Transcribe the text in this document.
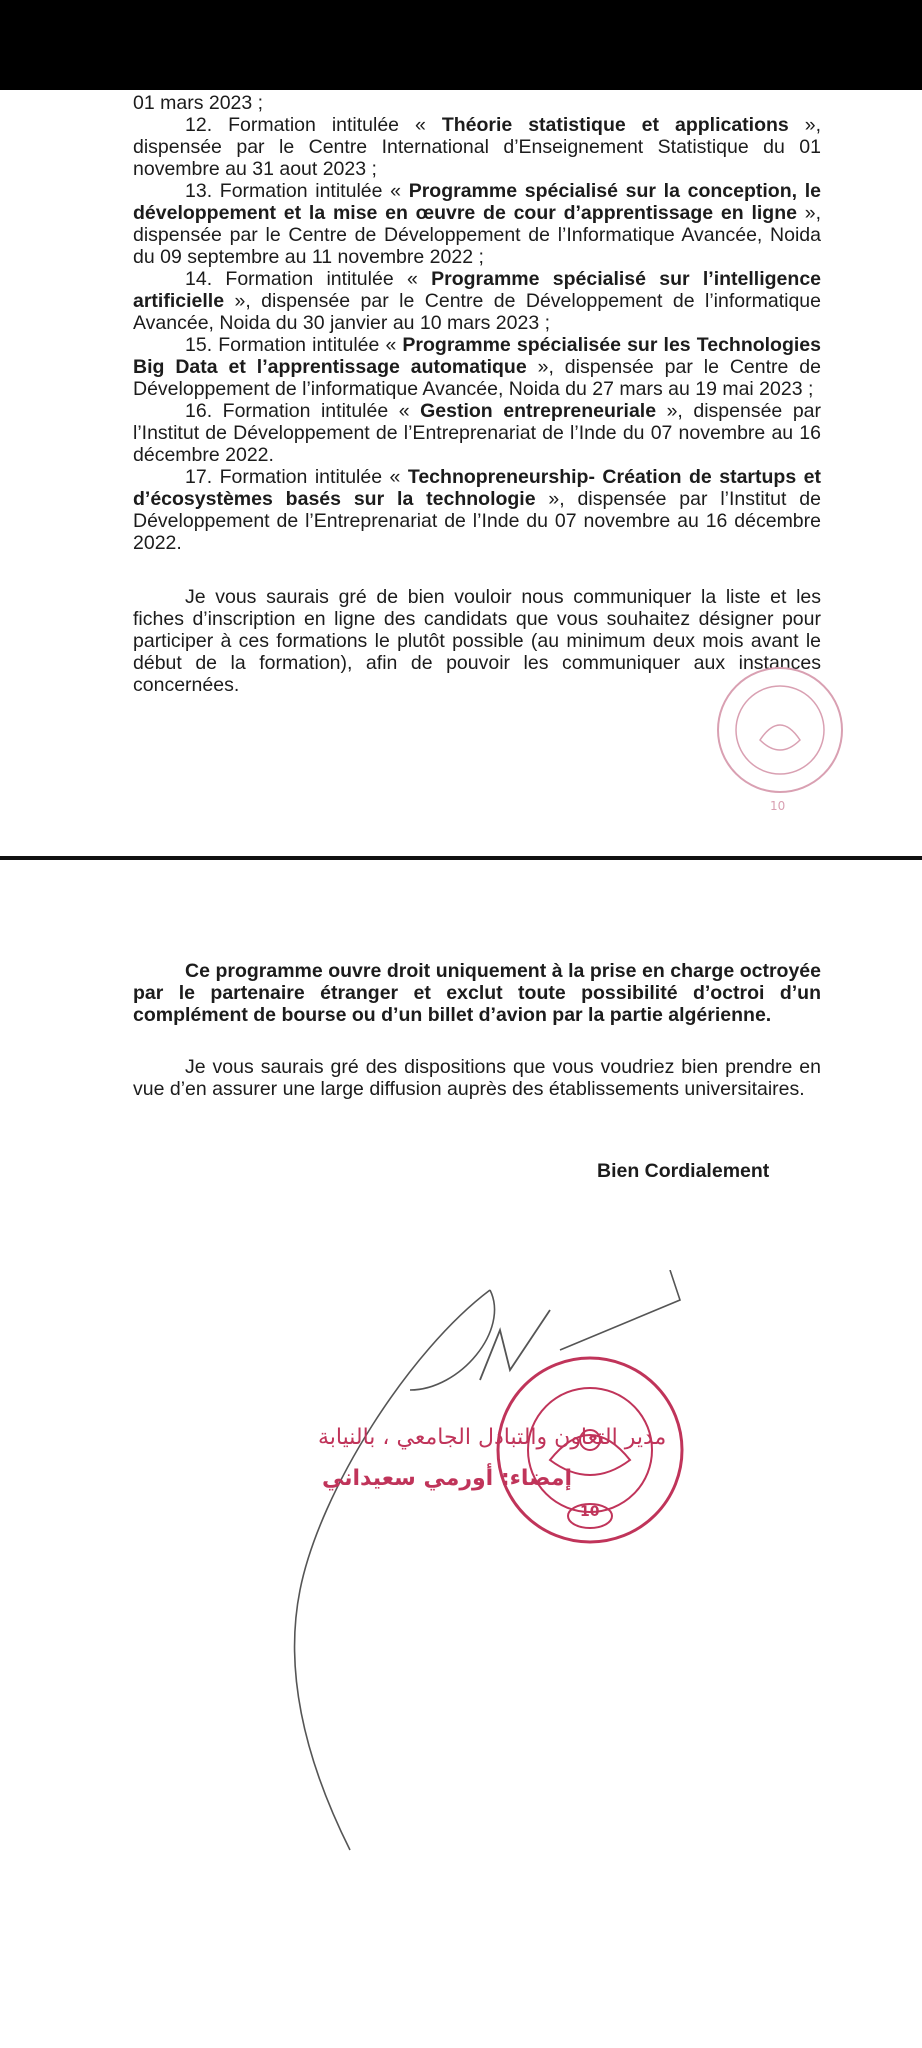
01 mars 2023 ;

12. Formation intitulée « Théorie statistique et applications », dispensée par le Centre International d’Enseignement Statistique du 01 novembre au 31 aout 2023 ;

13. Formation intitulée « Programme spécialisé sur la conception, le développement et la mise en œuvre de cour d’apprentissage en ligne », dispensée par le Centre de Développement de l’Informatique Avancée, Noida du 09 septembre au 11 novembre 2022 ;

14. Formation intitulée « Programme spécialisé sur l’intelligence artificielle », dispensée par le Centre de Développement de l’informatique Avancée, Noida du 30 janvier au 10 mars 2023 ;

15. Formation intitulée « Programme spécialisée sur les Technologies Big Data et l’apprentissage automatique », dispensée par le Centre de Développement de l’informatique Avancée, Noida du 27 mars au 19 mai 2023 ;

16. Formation intitulée « Gestion entrepreneuriale », dispensée par l’Institut de Développement de l’Entreprenariat de l’Inde du 07 novembre au 16 décembre 2022.

17. Formation intitulée « Technopreneurship- Création de startups et d’écosystèmes basés sur la technologie », dispensée par l’Institut de Développement de l’Entreprenariat de l’Inde du 07 novembre au 16 décembre 2022.

Je vous saurais gré de bien vouloir nous communiquer la liste et les fiches d’inscription en ligne des candidats que vous souhaitez désigner pour participer à ces formations le plutôt possible (au minimum deux mois avant le début de la formation), afin de pouvoir les communiquer aux instances concernées.

10

Ce programme ouvre droit uniquement à la prise en charge octroyée par le partenaire étranger et exclut toute possibilité d’octroi d’un complément de bourse ou d’un billet d’avion par la partie algérienne.

Je vous saurais gré des dispositions que vous voudriez bien prendre en vue d’en assurer une large diffusion auprès des établissements universitaires.

Bien Cordialement
مدير التعاون والتبادل الجامعي ، بالنيابة
إمضاء: أورمي سعيداني
10
